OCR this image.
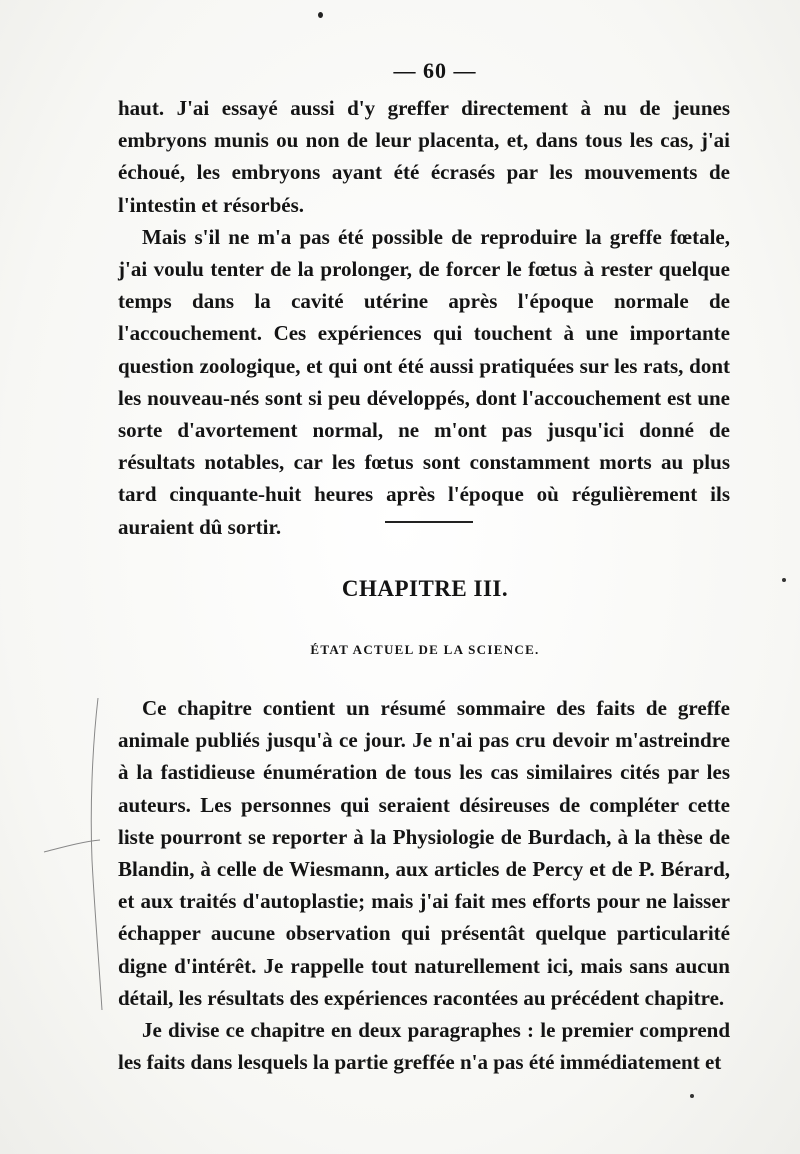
— 60 —

haut. J'ai essayé aussi d'y greffer directement à nu de jeunes embryons munis ou non de leur placenta, et, dans tous les cas, j'ai échoué, les embryons ayant été écrasés par les mouvements de l'intestin et résorbés.

Mais s'il ne m'a pas été possible de reproduire la greffe fœtale, j'ai voulu tenter de la prolonger, de forcer le fœtus à rester quelque temps dans la cavité utérine après l'époque normale de l'accouchement. Ces expériences qui touchent à une importante question zoologique, et qui ont été aussi pratiquées sur les rats, dont les nouveau-nés sont si peu développés, dont l'accouchement est une sorte d'avortement normal, ne m'ont pas jusqu'ici donné de résultats notables, car les fœtus sont constamment morts au plus tard cinquante-huit heures après l'époque où régulièrement ils auraient dû sortir.

CHAPITRE III.
ÉTAT ACTUEL DE LA SCIENCE.

Ce chapitre contient un résumé sommaire des faits de greffe animale publiés jusqu'à ce jour. Je n'ai pas cru devoir m'astreindre à la fastidieuse énumération de tous les cas similaires cités par les auteurs. Les personnes qui seraient désireuses de compléter cette liste pourront se reporter à la Physiologie de Burdach, à la thèse de Blandin, à celle de Wiesmann, aux articles de Percy et de P. Bérard, et aux traités d'autoplastie; mais j'ai fait mes efforts pour ne laisser échapper aucune observation qui présentât quelque particularité digne d'intérêt. Je rappelle tout naturellement ici, mais sans aucun détail, les résultats des expériences racontées au précédent chapitre.

Je divise ce chapitre en deux paragraphes : le premier comprend les faits dans lesquels la partie greffée n'a pas été immédiatement et
